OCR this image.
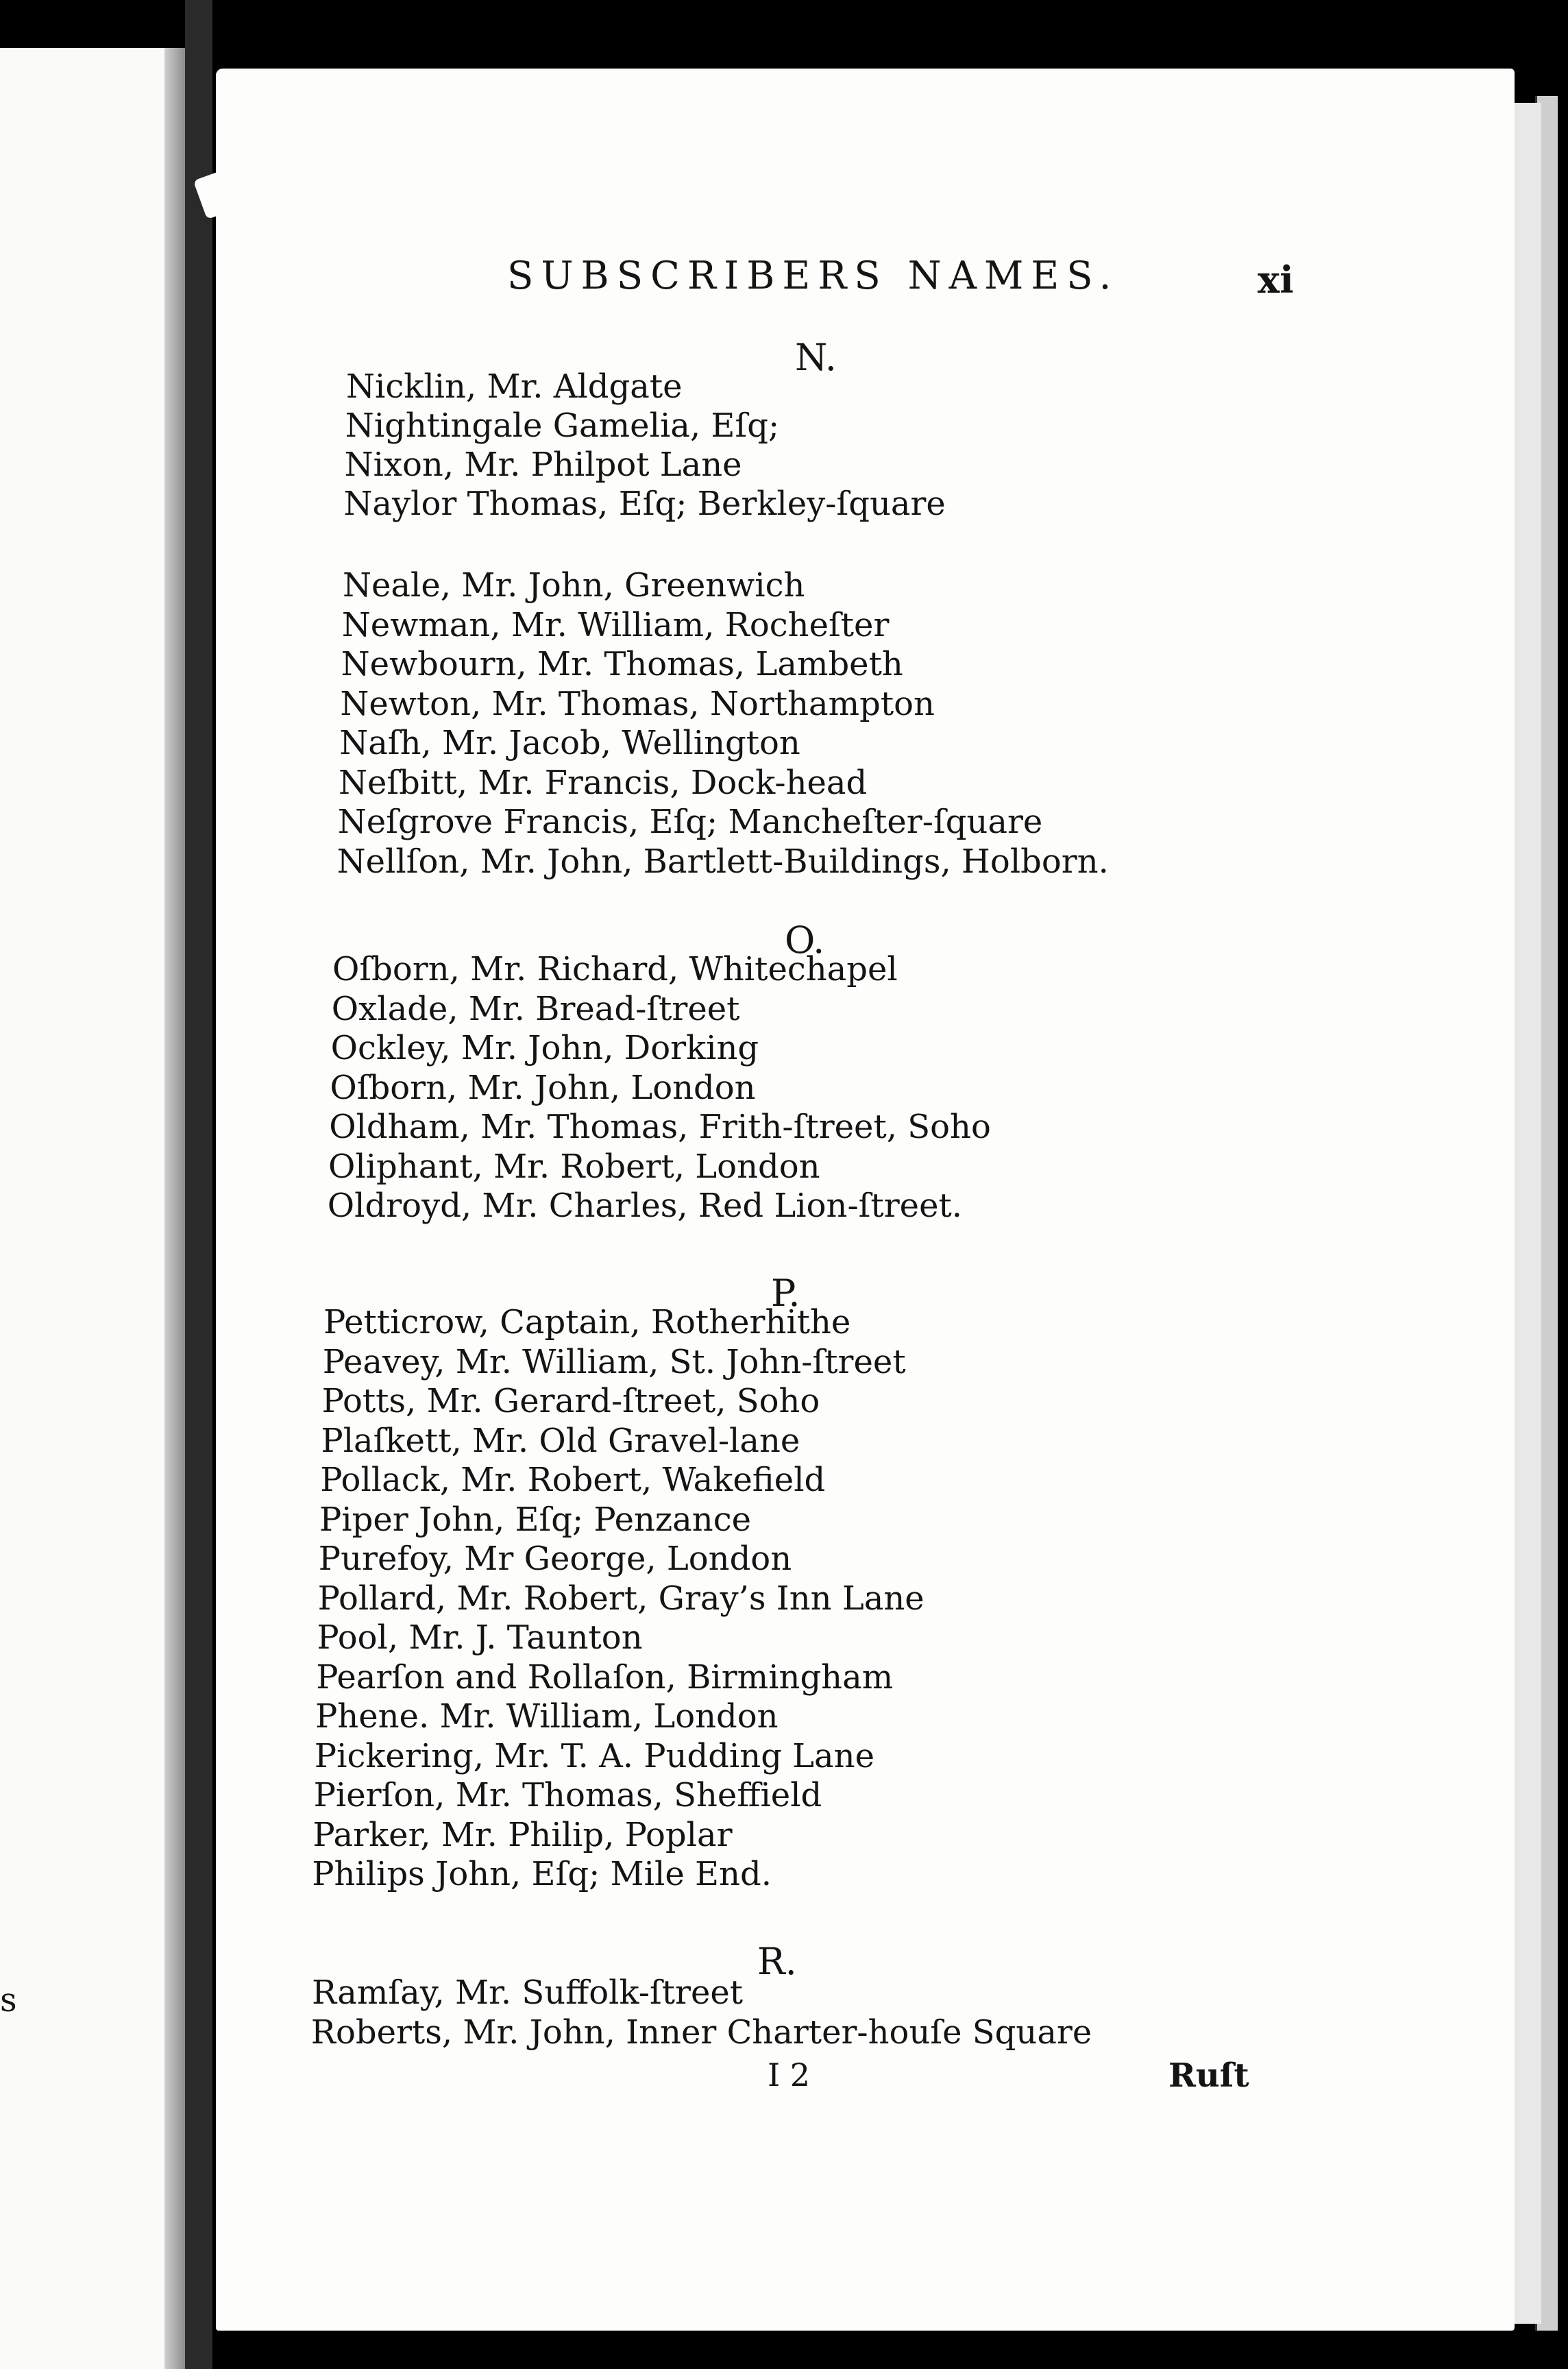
s
SUBSCRIBERS NAMES.	xi
N.
Nicklin, Mr. Aldgate
Nightingale Gamelia, Eſq;
Nixon, Mr. Philpot Lane
Naylor Thomas, Eſq; Berkley-ſquare
Neale, Mr. John, Greenwich
Newman, Mr. William, Rocheſter
Newbourn, Mr. Thomas, Lambeth
Newton, Mr. Thomas, Northampton
Naſh, Mr. Jacob, Wellington
Neſbitt, Mr. Francis, Dock-head
Neſgrove Francis, Eſq; Mancheſter-ſquare
Nellſon, Mr. John, Bartlett-Buildings, Holborn.
O.
Oſborn, Mr. Richard, Whitechapel
Oxlade, Mr. Bread-ſtreet
Ockley, Mr. John, Dorking
Oſborn, Mr. John, London
Oldham, Mr. Thomas, Frith-ſtreet, Soho
Oliphant, Mr. Robert, London
Oldroyd, Mr. Charles, Red Lion-ſtreet.
P.
Petticrow, Captain, Rotherhithe
Peavey, Mr. William, St. John-ſtreet
Potts, Mr. Gerard-ſtreet, Soho
Plaſkett, Mr. Old Gravel-lane
Pollack, Mr. Robert, Wakefield
Piper John, Eſq; Penzance
Purefoy, Mr George, London
Pollard, Mr. Robert, Gray’s Inn Lane
Pool, Mr. J. Taunton
Pearſon and Rollaſon, Birmingham
Phene. Mr. William, London
Pickering, Mr. T. A. Pudding Lane
Pierſon, Mr. Thomas, Sheffield
Parker, Mr. Philip, Poplar
Philips John, Eſq; Mile End.
R.
Ramſay, Mr. Suffolk-ſtreet
Roberts, Mr. John, Inner Charter-houſe Square
I 2	Ruſt
